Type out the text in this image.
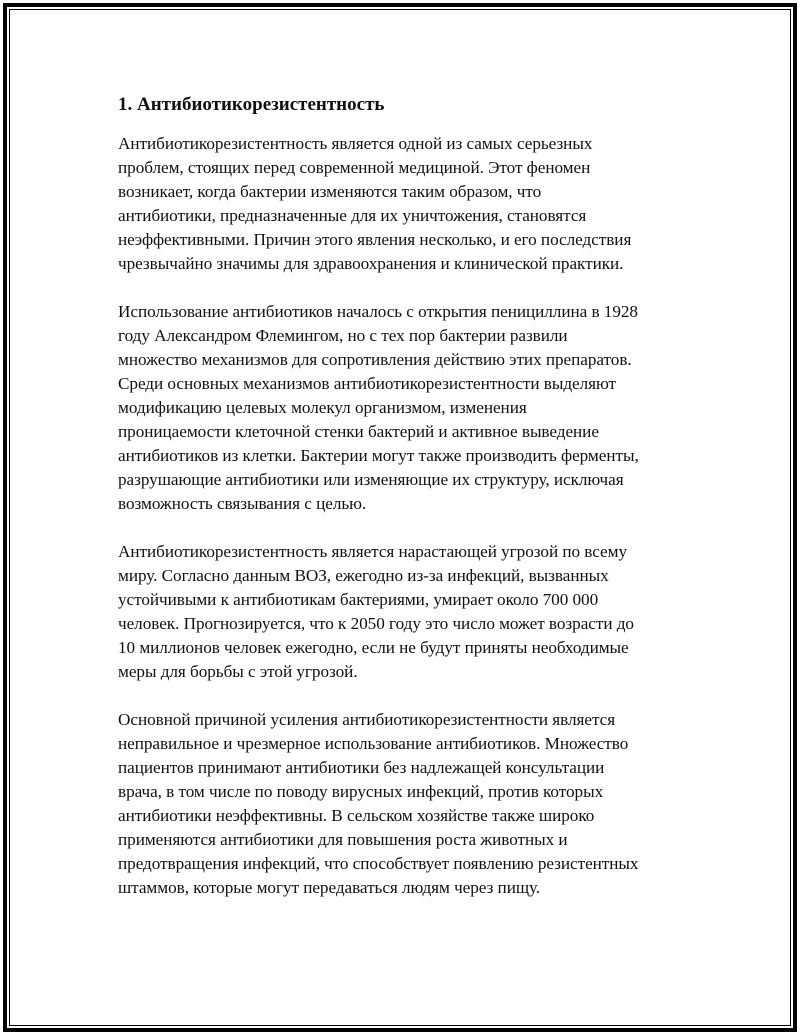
1. Антибиотикорезистентность

Антибиотикорезистентность является одной из самых серьезных
проблем, стоящих перед современной медициной. Этот феномен
возникает, когда бактерии изменяются таким образом, что
антибиотики, предназначенные для их уничтожения, становятся
неэффективными. Причин этого явления несколько, и его последствия
чрезвычайно значимы для здравоохранения и клинической практики.

Использование антибиотиков началось с открытия пенициллина в 1928
году Александром Флемингом, но с тех пор бактерии развили
множество механизмов для сопротивления действию этих препаратов.
Среди основных механизмов антибиотикорезистентности выделяют
модификацию целевых молекул организмом, изменения
проницаемости клеточной стенки бактерий и активное выведение
антибиотиков из клетки. Бактерии могут также производить ферменты,
разрушающие антибиотики или изменяющие их структуру, исключая
возможность связывания с целью.

Антибиотикорезистентность является нарастающей угрозой по всему
миру. Согласно данным ВОЗ, ежегодно из-за инфекций, вызванных
устойчивыми к антибиотикам бактериями, умирает около 700 000
человек. Прогнозируется, что к 2050 году это число может возрасти до
10 миллионов человек ежегодно, если не будут приняты необходимые
меры для борьбы с этой угрозой.

Основной причиной усиления антибиотикорезистентности является
неправильное и чрезмерное использование антибиотиков. Множество
пациентов принимают антибиотики без надлежащей консультации
врача, в том числе по поводу вирусных инфекций, против которых
антибиотики неэффективны. В сельском хозяйстве также широко
применяются антибиотики для повышения роста животных и
предотвращения инфекций, что способствует появлению резистентных
штаммов, которые могут передаваться людям через пищу.
